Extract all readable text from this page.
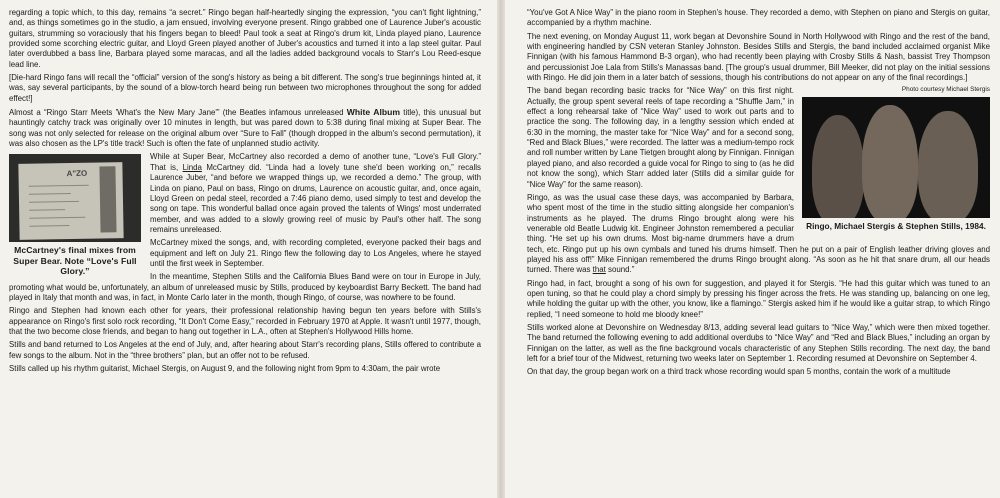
regarding a topic which, to this day, remains “a secret.” Ringo began half-heartedly singing the expression, “you can't fight lightning,” and, as things sometimes go in the studio, a jam ensued, involving everyone present. Ringo grabbed one of Laurence Juber's acoustic guitars, strumming so voraciously that his fingers began to bleed! Paul took a seat at Ringo's drum kit, Linda played piano, Laurence provided some scorching electric guitar, and Lloyd Green played another of Juber's acoustics and turned it into a lap steel guitar. Paul later overdubbed a bass line, Barbara played some maracas, and all the ladies added background vocals to Starr's Lou Reed-esque lead line.

[Die-hard Ringo fans will recall the “official” version of the song's history as being a bit different. The song's true beginnings hinted at, it was, say several participants, by the sound of a blow-torch heard being run between two microphones throughout the song for added effect!]

Almost a “Ringo Starr Meets 'What's the New Mary Jane'” (the Beatles infamous unreleased White Album title), this unusual but hauntingly catchy track was originally over 10 minutes in length, but was pared down to 5:38 during final mixing at Super Bear. The song was not only selected for release on the original album over “Sure to Fall” (though dropped in the album's second permutation), it was also chosen as the LP's title track! Such is often the fate of unplanned studio activity.

A"ZO
McCartney's final mixes from Super Bear. Note “Love's Full Glory.”

While at Super Bear, McCartney also recorded a demo of another tune, “Love's Full Glory.” That is, Linda McCartney did. “Linda had a lovely tune she'd been working on,” recalls Laurence Juber, “and before we wrapped things up, we recorded a demo.” The group, with Linda on piano, Paul on bass, Ringo on drums, Laurence on acoustic guitar, and, once again, Lloyd Green on pedal steel, recorded a 7:46 piano demo, used simply to test and develop the song on tape. This wonderful ballad once again proved the talents of Wings' most underrated member, and was added to a slowly growing reel of music by Paul's other half. The song remains unreleased.

McCartney mixed the songs, and, with recording completed, everyone packed their bags and equipment and left on July 21. Ringo flew the following day to Los Angeles, where he stayed until the first week in September.

In the meantime, Stephen Stills and the California Blues Band were on tour in Europe in July, promoting what would be, unfortunately, an album of unreleased music by Stills, produced by keyboardist Barry Beckett. The band had played in Italy that month and was, in fact, in Monte Carlo later in the month, though Ringo, of course, was nowhere to be found.

Ringo and Stephen had known each other for years, their professional relationship having begun ten years before with Stills's appearance on Ringo's first solo rock recording, “It Don't Come Easy,” recorded in February 1970 at Apple. It wasn't until 1977, though, that the two become close friends, and began to hang out together in L.A., often at Stephen's Hollywood Hills home.

Stills and band returned to Los Angeles at the end of July, and, after hearing about Starr's recording plans, Stills offered to contribute a few songs to the album. Not in the “three brothers” plan, but an offer not to be refused.

Stills called up his rhythm guitarist, Michael Stergis, on August 9, and the following night from 9pm to 4:30am, the pair wrote

“You've Got A Nice Way” in the piano room in Stephen's house. They recorded a demo, with Stephen on piano and Stergis on guitar, accompanied by a rhythm machine.

The next evening, on Monday August 11, work began at Devonshire Sound in North Hollywood with Ringo and the rest of the band, with engineering handled by CSN veteran Stanley Johnston. Besides Stills and Stergis, the band included acclaimed organist Mike Finnigan (with his famous Hammond B-3 organ), who had recently been playing with Crosby Stills & Nash, bassist Trey Thompson and percussionist Joe Lala from Stills's Manassas band. [The group's usual drummer, Bill Meeker, did not play on the initial sessions with Ringo. He did join them in a later batch of sessions, though his contributions do not appear on any of the final recordings.]

Photo courtesy Michael Stergis
Ringo, Michael Stergis & Stephen Stills, 1984.

The band began recording basic tracks for “Nice Way” on this first night. Actually, the group spent several reels of tape recording a “Shuffle Jam,” in effect a long rehearsal take of “Nice Way” used to work out parts and to practice the song. The following day, in a lengthy session which ended at 6:30 in the morning, the master take for “Nice Way” and for a second song, “Red and Black Blues,” were recorded. The latter was a medium-tempo rock and roll number written by Lane Tietgen brought along by Finnigan. Finnigan played piano, and also recorded a guide vocal for Ringo to sing to (as he did not know the song), which Starr added later (Stills did a similar guide for “Nice Way” for the same reason).

Ringo, as was the usual case these days, was accompanied by Barbara, who spent most of the time in the studio sitting alongside her companion's instruments as he played. The drums Ringo brought along were his venerable old Beatle Ludwig kit. Engineer Johnston remembered a peculiar thing. “He set up his own drums. Most big-name drummers have a drum tech, etc. Ringo put up his own cymbals and tuned his drums himself. Then he put on a pair of English leather driving gloves and played his ass off!” Mike Finnigan remembered the drums Ringo brought along. “As soon as he hit that snare drum, all our heads turned. There was that sound.”

Ringo had, in fact, brought a song of his own for suggestion, and played it for Stergis. “He had this guitar which was tuned to an open tuning, so that he could play a chord simply by pressing his finger across the frets. He was standing up, balancing on one leg, while holding the guitar up with the other, you know, like a flamingo.” Stergis asked him if he would like a guitar strap, to which Ringo replied, “I need someone to hold me bloody knee!”

Stills worked alone at Devonshire on Wednesday 8/13, adding several lead guitars to “Nice Way,” which were then mixed together. The band returned the following evening to add additional overdubs to “Nice Way” and “Red and Black Blues,” including an organ by Finnigan on the latter, as well as the fine background vocals characteristic of any Stephen Stills recording. The next day, the band left for a brief tour of the Midwest, returning two weeks later on September 1. Recording resumed at Devonshire on September 4.

On that day, the group began work on a third track whose recording would span 5 months, contain the work of a multitude
